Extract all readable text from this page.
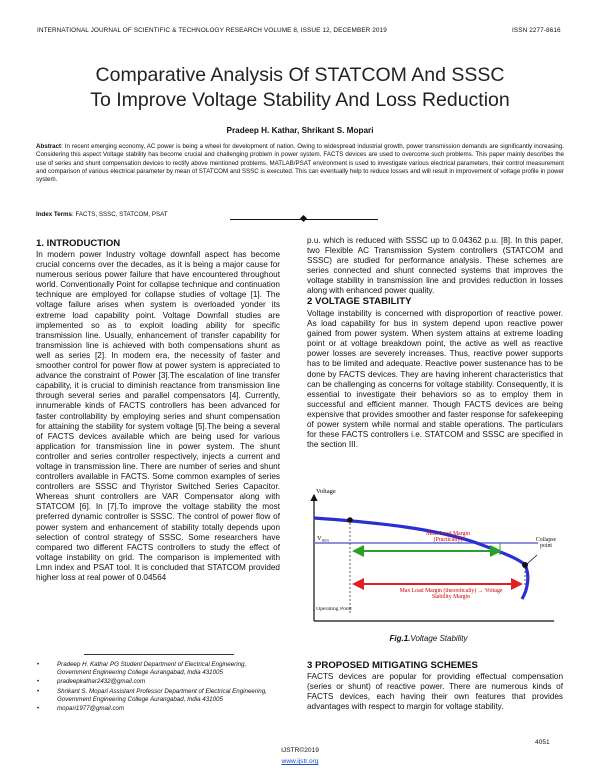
INTERNATIONAL JOURNAL OF SCIENTIFIC & TECHNOLOGY RESEARCH VOLUME 8, ISSUE 12, DECEMBER 2019	ISSN 2277-8616
Comparative Analysis Of STATCOM And SSSC
To Improve Voltage Stability And Loss Reduction
Pradeep H. Kathar, Shrikant S. Mopari
Abstract: In recent emerging economy, AC power is being a wheel for development of nation. Owing to widespread industrial growth, power transmission demands are significantly increasing. Considering this aspect Voltage stability has become crucial and challenging problem in power system. FACTS devices are used to overcome such problems. This paper mainly describes the use of series and shunt compensation devices to rectify above mentioned problems. MATLAB/PSAT environment is used to investigate various electrical parameters, their control measurement and comparison of various electrical parameter by mean of STATCOM and SSSC is executed. This can eventually help to reduce losses and will result in improvement of voltage profile in power system.
Index Terms: FACTS, SSSC, STATCOM, PSAT
1. INTRODUCTION
In modern power Industry voltage downfall aspect has become crucial concerns over the decades, as it is being a major cause for numerous serious power failure that have encountered throughout world. Conventionally Point for collapse technique and continuation technique are employed for collapse studies of voltage [1]. The voltage failure arises when system is overloaded yonder its extreme load capability point. Voltage Downfall studies are implemented so as to exploit loading ability for specific transmission line. Usually, enhancement of transfer capability for transmission line is achieved with both compensations shunt as well as series [2]. In modern era, the necessity of faster and smoother control for power flow at power system is appreciated to advance the constraint of Power [3].The escalation of line transfer capability, it is crucial to diminish reactance from transmission line through several series and parallel compensators [4]. Currently, innumerable kinds of FACTS controllers has been advanced for faster controllability by employing series and shunt compensation for attaining the stability for system voltage [5].The being a several of FACTS devices available which are being used for various application for transmission line in power system. The shunt controller and series controller respectively, injects a current and voltage in transmission line. There are number of series and shunt controllers available in FACTS. Some common examples of series controllers are SSSC and Thyristor Switched Series Capacitor. Whereas shunt controllers are VAR Compensator along with STATCOM [6]. In [7].To improve the voltage stability the most preferred dynamic controller is SSSC. The control of power flow of power system and enhancement of stability totally depends upon selection of control strategy of SSSC. Some researchers have compared two different FACTS controllers to study the effect of voltage instability on grid. The comparison is implemented with Lmn index and PSAT tool. It is concluded that STATCOM provided higher loss at real power of 0.04564
p.u. which is reduced with SSSC up to 0.04362 p.u. [8]. In this paper, two Flexible AC Transmission System controllers (STATCOM and SSSC) are studied for performance analysis. These schemes are series connected and shunt connected systems that improves the voltage stability in transmission line and provides reduction in losses along with enhanced power quality.
2 VOLTAGE STABILITY
Voltage instability is concerned with disproportion of reactive power. As load capability for bus in system depend upon reactive power gained from power system. When system attains at extreme loading point or at voltage breakdown point, the active as well as reactive power losses are severely increases. Thus, reactive power supports has to be limited and adequate. Reactive power sustenance has to be done by FACTS devices. They are having inherent characteristics that can be challenging as concerns for voltage stability. Consequently, it is essential to investigate their behaviors so as to employ them in successful and efficient manner. Though FACTS devices are being expensive that provides smoother and faster response for safekeeping of power system while normal and stable operations. The particulars for these FACTS controllers i.e. STATCOM and SSSC are specified in the section III.
Voltage
$V_{min}$	Collapse point
Max. Load Margin (Practically)
Max Load Margin (theoretically) → Voltage Stability Margin
Operating Point
Fig.1.Voltage Stability
3 PROPOSED MITIGATING SCHEMES
FACTS devices are popular for providing effectual compensation (series or shunt) of reactive power. There are numerous kinds of FACTS devices, each having their own features that provides advantages with respect to margin for voltage stability.
•	Pradeep H. Kathar PG Student Department of Electrical Engineering, Government Engineering College Aurangabad, India 431005
•	pradeepkathar2432@gmail.com
•	Shrikant S. Mopari Assistant Professor Department of Electrical Engineering, Government Engineering College Aurangabad, India 431005
•	mopari1977@gmail.com
4051
IJSTR©2019
www.ijstr.org
